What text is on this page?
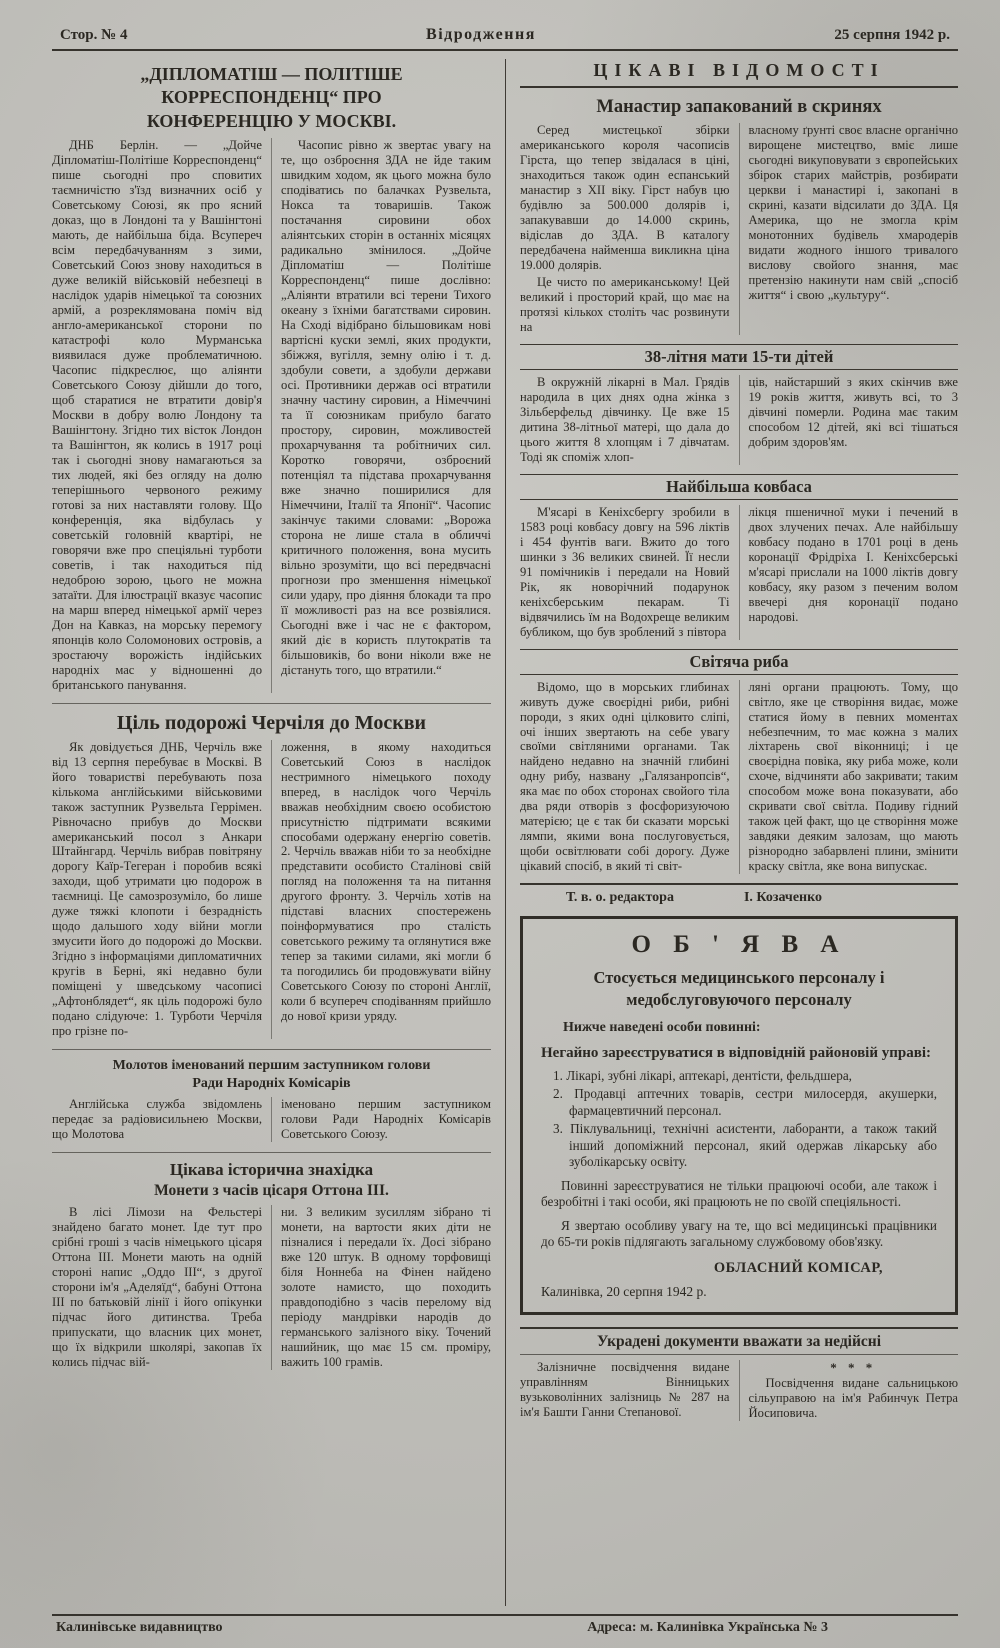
Стор. № 4	Відродження	25 серпня 1942 р.
„ДІПЛОМАТІШ — ПОЛІТІШЕ КОРРЕСПОНДЕНЦ“ ПРО
КОНФЕРЕНЦІЮ У МОСКВІ.

ДНБ Берлін. — „Дойче Діпломатіш-Політіше Корреспонденц“ пише сьогодні про сповитих таємничістю з'їзд визначних осіб у Советському Союзі, як про ясний доказ, що в Лондоні та у Вашінгтоні мають, де найбільша біда. Всупереч всім передбачуванням з зими, Советський Союз знову находиться в дуже великій військовій небезпеці в наслідок ударів німецької та союзних армій, а розреклямована поміч від англо-американської сторони по катастрофі коло Мурманська виявилася дуже проблематичною. Часопис підкреслює, що аліянти Советського Союзу дійшли до того, щоб старатися не втратити довір'я Москви в добру волю Лондону та Вашінгтону. Згідно тих вісток Лондон та Вашінгтон, як колись в 1917 році так і сьогодні знову намагаються за тих людей, які без огляду на долю теперішнього червоного режиму готові за них наставляти голову. Що конференція, яка відбулась у советській головній квартірі, не говорячи вже про спеціяльні турботи советів, і так находиться під недоброю зорою, цього не можна затаїти. Для ілюстрації вказує часопис на марш вперед німецької армії через Дон на Кавказ, на морську перемогу японців коло Соломонових островів, а зростаючу ворожість індійських народніх мас у відношенні до британського панування.

Часопис рівно ж звертає увагу на те, що озброєння ЗДА не йде таким швидким ходом, як цього можна було сподіватись по балачках Рузвельта, Нокса та товаришів. Також постачання сировини обох аліянтських сторін в останніх місяцях радикально змінилося. „Дойче Діпломатіш — Політіше Корреспонденц“ пише дослівно: „Аліянти втратили всі терени Тихого океану з їхніми багатствами сировин. На Сході відібрано більшовикам нові вартісні куски землі, яких продукти, збіжжя, вугілля, земну олію і т. д. здобули совети, а здобули держави осі. Противники держав осі втратили значну частину сировин, а Німеччині та її союзникам прибуло багато простору, сировин, можливостей прохарчування та робітничих сил. Коротко говорячи, озброєний потенціял та підстава прохарчування вже значно поширилися для Німеччини, Італії та Японії“. Часопис закінчує такими словами: „Ворожа сторона не лише стала в обличчі критичного положення, вона мусить вільно зрозуміти, що всі передвчасні прогнози про зменшення німецької сили удару, про діяння блокади та про її можливості раз на все розвіялися. Сьогодні вже і час не є фактором, який діє в користь плутократів та більшовиків, бо вони ніколи вже не дістануть того, що втратили.“

Ціль подорожі Черчіля до Москви

Як довідується ДНБ, Черчіль вже від 13 серпня перебуває в Москві. В його товаристві перебувають поза кількома англійськими військовими також заступник Рузвельта Геррімен. Рівночасно прибув до Москви американський посол з Анкари Штайнгард. Черчіль вибрав повітряну дорогу Каїр-Тегеран і поробив всякі заходи, щоб утримати цю подорож в таємниці. Це самозрозуміло, бо лише дуже тяжкі клопоти і безрадність щодо дальшого ходу війни могли змусити його до подорожі до Москви. Згідно з інформаціями дипломатичних кругів в Берні, які недавно були поміщені у шведському часописі „Афтонблядет“, як ціль подорожі було подано слідуюче: 1. Турботи Черчіля про грізне по-

ложення, в якому находиться Советський Союз в наслідок нестримного німецького походу вперед, в наслідок чого Черчіль вважав необхідним своєю особистою присутністю підтримати всякими способами одержану енергію советів. 2. Черчіль вважав ніби то за необхідне представити особисто Сталінові свій погляд на положення та на питання другого фронту. 3. Черчіль хотів на підставі власних спостережень поінформуватися про сталість советського режиму та оглянутися вже тепер за такими силами, які могли б та погодились би продовжувати війну Советського Союзу по стороні Англії, коли б всупереч сподіванням прийшло до нової кризи уряду.

Молотов іменований першим заступником голови
Ради Народніх Комісарів

Англійська служба звідомлень передає за радіовисильнею Москви, що Молотова

іменовано першим заступником голови Ради Народніх Комісарів Советського Союзу.

Цікава історична знахідка
Монети з часів цісаря Оттона III.

В лісі Лімози на Фельстері знайдено багато монет. Іде тут про срібні гроші з часів німецького цісаря Оттона III. Монети мають на одній стороні напис „Оддо III“, з другої сторони ім'я „Аделяїд“, бабуні Оттона III по батьковій лінії і його опікунки підчас його дитинства. Треба припускати, що власник цих монет, що їх відкрили школярі, закопав їх колись підчас вій-

ни. З великим зусиллям зібрано ті монети, на вартости яких діти не пізналися і передали їх. Досі зібрано вже 120 штук. В одному торфовищі біля Ноннеба на Фінен найдено золоте намисто, що походить правдоподібно з часів перелому від періоду мандрівки народів до германського залізного віку. Точений нашийник, що має 15 см. проміру, важить 100 грамів.

ЦІКАВІ ВІДОМОСТІ
Манастир запакований в скринях

Серед мистецької збірки американського короля часописів Гірста, що тепер звідалася в ціні, знаходиться також один еспанський манастир з XII віку. Гірст набув цю будівлю за 500.000 долярів і, запакувавши до 14.000 скринь, відіслав до ЗДА. В каталогу передбачена найменша викликна ціна 19.000 долярів.

Це чисто по американському! Цей великий і просторий край, що має на протязі кількох століть час розвинути на

власному ґрунті своє власне органічно вирощене мистецтво, вміє лише сьогодні викуповувати з європейських збірок старих майстрів, розбирати церкви і манастирі і, закопані в скрині, казати відсилати до ЗДА. Ця Америка, що не змогла крім монотонних будівель хмародерів видати жодного іншого тривалого вислову свойого знання, має претензію накинути нам свій „спосіб життя“ і свою „культуру“.

38-літня мати 15-ти дітей

В окружній лікарні в Мал. Грядів народила в цих днях одна жінка з Зільберфельд дівчинку. Це вже 15 дитина 38-літньої матері, що дала до цього життя 8 хлопцям і 7 дівчатам. Тоді як споміж хлоп-

ців, найстарший з яких скінчив вже 19 років життя, живуть всі, то 3 дівчині померли. Родина має таким способом 12 дітей, які всі тішаться добрим здоров'ям.

Найбільша ковбаса

М'ясарі в Кеніхсбергу зробили в 1583 році ковбасу довгу на 596 ліктів і 454 фунтів ваги. Вжито до того шинки з 36 великих свиней. Її несли 91 помічників і передали на Новий Рік, як новорічний подарунок кеніхсберським пекарам. Ті відвячились їм на Водохреще великим бубликом, що був зроблений з півтора

лікця пшеничної муки і печений в двох злучених печах. Але найбільшу ковбасу подано в 1701 році в день коронації Фрідріха I. Кеніхсберські м'ясарі прислали на 1000 ліктів довгу ковбасу, яку разом з печеним волом ввечері дня коронації подано народові.

Світяча риба

Відомо, що в морських глибинах живуть дуже своєрідні риби, рибні породи, з яких одні цілковито сліпі, очі інших звертають на себе увагу своїми світляними органами. Так найдено недавно на значній глибині одну рибу, названу „Галязанропсів“, яка має по обох сторонах свойого тіла два ряди отворів з фосфоризуючою матерією; це є так би сказати морські лямпи, якими вона послуговується, щоби освітлювати собі дорогу. Дуже цікавий спосіб, в який ті світ-

ляні органи працюють. Тому, що світло, яке це створіння видає, може статися йому в певних моментах небезпечним, то має кожна з малих ліхтарень свої віконниці; і це своєрідна повіка, яку риба може, коли схоче, відчиняти або закривати; таким способом може вона показувати, або скривати свої світла. Подиву гідний також цей факт, що це створіння може завдяки деяким залозам, що мають різнородно забарвлені плини, змінити краску світла, яке вона випускає.

Т. в. о. редактора	І. Козаченко
О Б ' Я В А
Стосується медицинського персоналу і медобслуговуючого персоналу
Нижче наведені особи повинні:
Негайно зареєструватися в відповідній районовій управі:
1. Лікарі, зубні лікарі, аптекарі, дентісти, фельдшера,
2. Продавці аптечних товарів, сестри милосердя, акушерки, фармацевтичний персонал.
3. Піклувальниці, технічні асистенти, лаборанти, а також такий інший допоміжний персонал, який одержав лікарську або зуболікарську освіту.

Повинні зареєструватися не тільки працюючі особи, але також і безробітні і такі особи, які працюють не по своїй спеціяльності.

Я звертаю особливу увагу на те, що всі медицинські працівники до 65-ти років підлягають загальному службовому обов'язку.

ОБЛАСНИЙ КОМІСАР,
Калинівка, 20 серпня 1942 р.
Украдені документи вважати за недійсні

Залізничне посвідчення видане управлінням Вінницьких вузьковолінних залізниць № 287 на ім'я Башти Ганни Степанової.

* * *

Посвідчення видане сальницькою сільуправою на ім'я Рабинчук Петра Йосиповича.

Калинівське видавництво	Адреса: м. Калинівка Українська № 3
